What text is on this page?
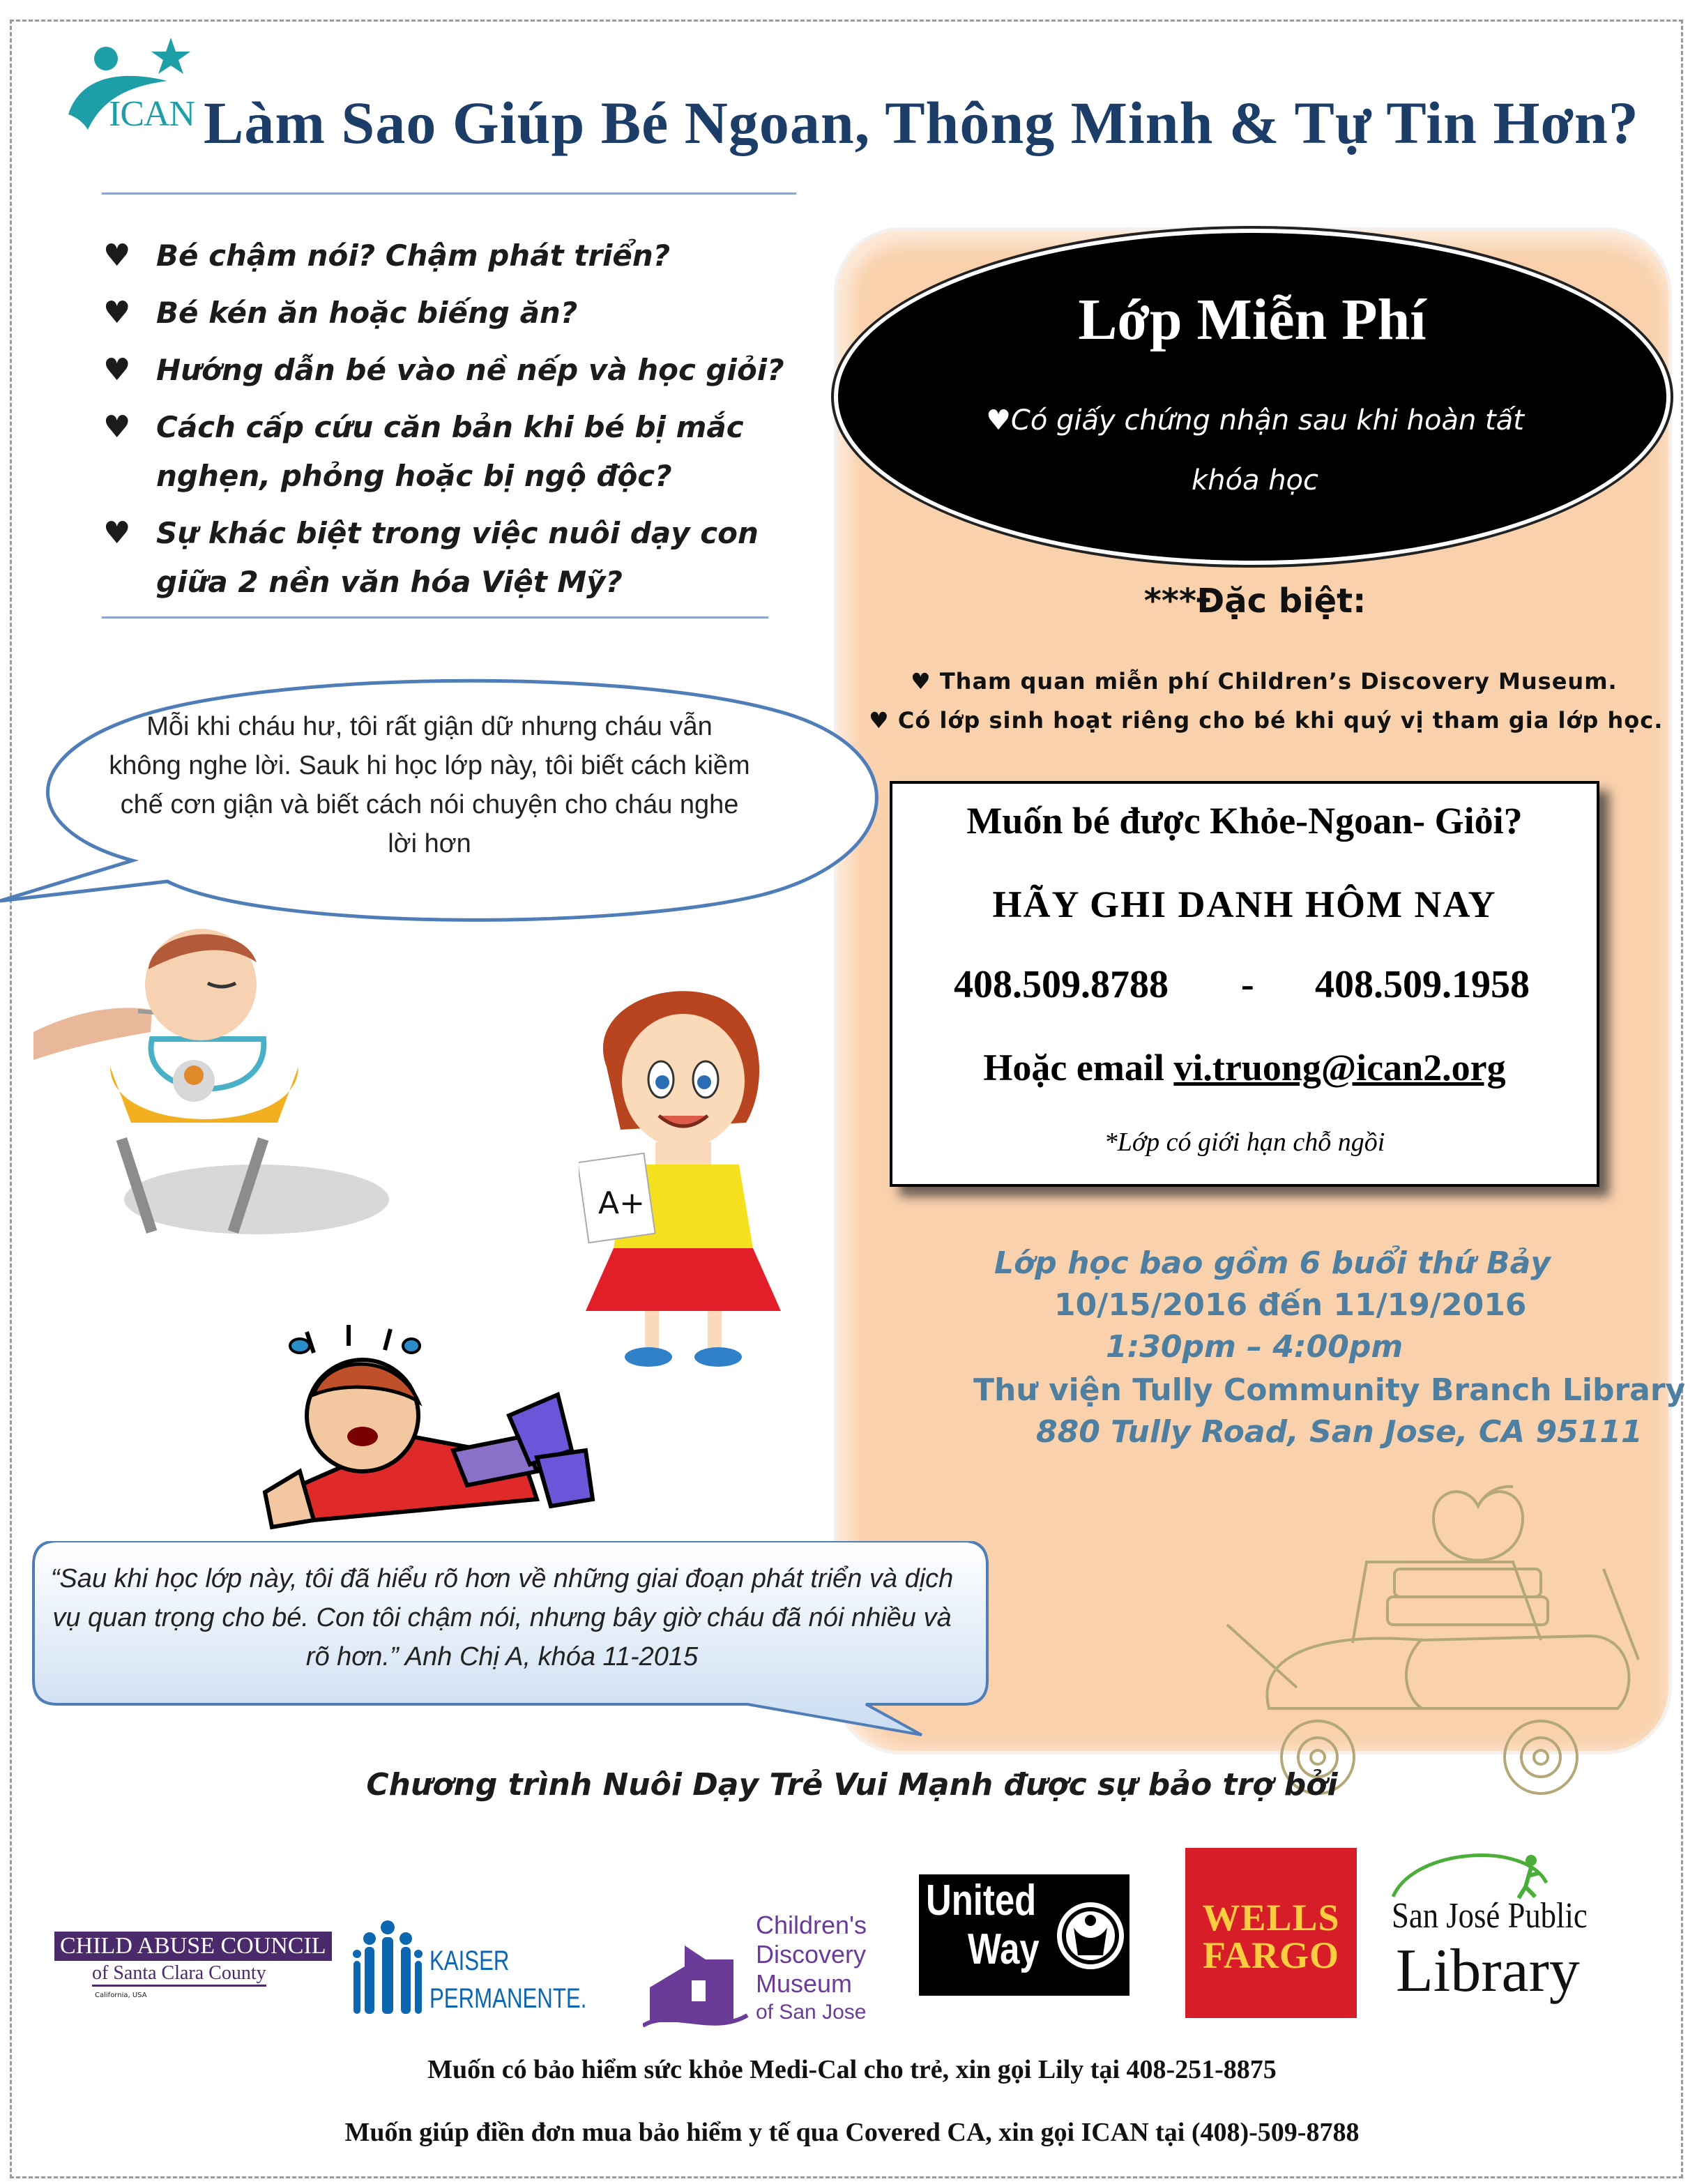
ICAN Làm Sao Giúp Bé Ngoan, Thông Minh & Tự Tin Hơn?
♥ Bé chậm nói? Chậm phát triển?
♥ Bé kén ăn hoặc biếng ăn?
♥ Hướng dẫn bé vào nề nếp và học giỏi?
♥ Cách cấp cứu căn bản khi bé bị mắc nghẹn, phỏng hoặc bị ngộ độc?
♥ Sự khác biệt trong việc nuôi dạy con giữa 2 nền văn hóa Việt Mỹ?
Lớp Miễn Phí
♥Có giấy chứng nhận sau khi hoàn tất khóa học
***Đặc biệt:
♥ Tham quan miễn phí Children’s Discovery Museum.
♥ Có lớp sinh hoạt riêng cho bé khi quý vị tham gia lớp học.
Muốn bé được Khỏe-Ngoan- Giỏi?
HÃY GHI DANH HÔM NAY
408.509.8788 - 408.509.1958
Hoặc email vi.truong@ican2.org
*Lớp có giới hạn chỗ ngồi
Lớp học bao gồm 6 buổi thứ Bảy
10/15/2016 đến 11/19/2016
1:30pm – 4:00pm
Thư viện Tully Community Branch Library
880 Tully Road, San Jose, CA 95111
Mỗi khi cháu hư, tôi rất giận dữ nhưng cháu vẫn không nghe lời. Sauk hi học lớp này, tôi biết cách kiềm chế cơn giận và biết cách nói chuyện cho cháu nghe lời hơn
A+
“Sau khi học lớp này, tôi đã hiểu rõ hơn về những giai đoạn phát triển và dịch vụ quan trọng cho bé. Con tôi chậm nói, nhưng bây giờ cháu đã nói nhiều và rõ hơn.” Anh Chị A, khóa 11-2015
Chương trình Nuôi Dạy Trẻ Vui Mạnh được sự bảo trợ bởi
CHILD ABUSE COUNCIL
of Santa Clara County
California, USA
KAISER
PERMANENTE.
Children's
Discovery
Museum
of San Jose
United
Way
WELLS
FARGO
San José Public
Library
Muốn có bảo hiểm sức khỏe Medi-Cal cho trẻ, xin gọi Lily tại 408-251-8875
Muốn giúp điền đơn mua bảo hiểm y tế qua Covered CA, xin gọi ICAN tại (408)-509-8788
